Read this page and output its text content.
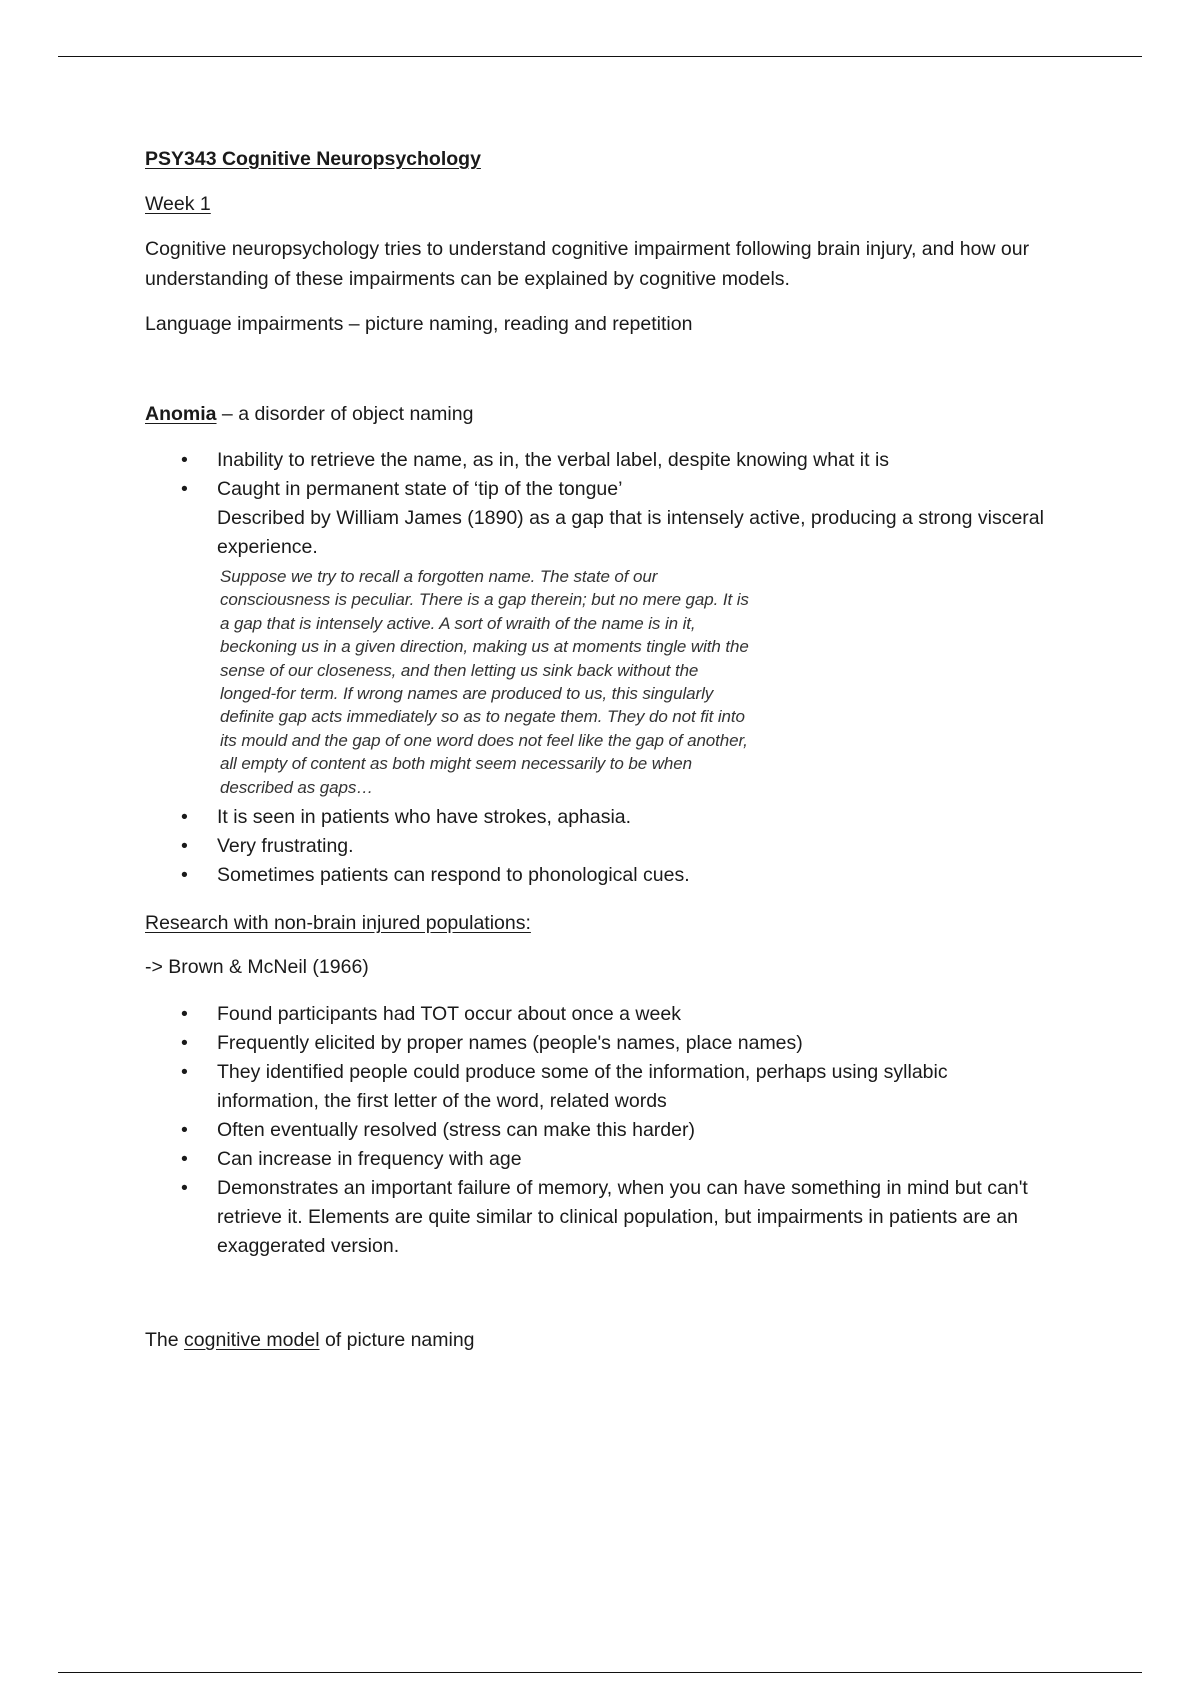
PSY343 Cognitive Neuropsychology
Week 1
Cognitive neuropsychology tries to understand cognitive impairment following brain injury, and how our
understanding of these impairments can be explained by cognitive models.
Language impairments – picture naming, reading and repetition
Anomia – a disorder of object naming
• Inability to retrieve the name, as in, the verbal label, despite knowing what it is
• Caught in permanent state of ‘tip of the tongue’
Described by William James (1890) as a gap that is intensely active, producing a strong visceral
experience.
Suppose we try to recall a forgotten name. The state of our
consciousness is peculiar. There is a gap therein; but no mere gap. It is
a gap that is intensely active. A sort of wraith of the name is in it,
beckoning us in a given direction, making us at moments tingle with the
sense of our closeness, and then letting us sink back without the
longed-for term. If wrong names are produced to us, this singularly
definite gap acts immediately so as to negate them. They do not fit into
its mould and the gap of one word does not feel like the gap of another,
all empty of content as both might seem necessarily to be when
described as gaps…
• It is seen in patients who have strokes, aphasia.
• Very frustrating.
• Sometimes patients can respond to phonological cues.
Research with non-brain injured populations:
-> Brown & McNeil (1966)
• Found participants had TOT occur about once a week
• Frequently elicited by proper names (people's names, place names)
• They identified people could produce some of the information, perhaps using syllabic
information, the first letter of the word, related words
• Often eventually resolved (stress can make this harder)
• Can increase in frequency with age
• Demonstrates an important failure of memory, when you can have something in mind but can't
retrieve it. Elements are quite similar to clinical population, but impairments in patients are an
exaggerated version.
The cognitive model of picture naming
